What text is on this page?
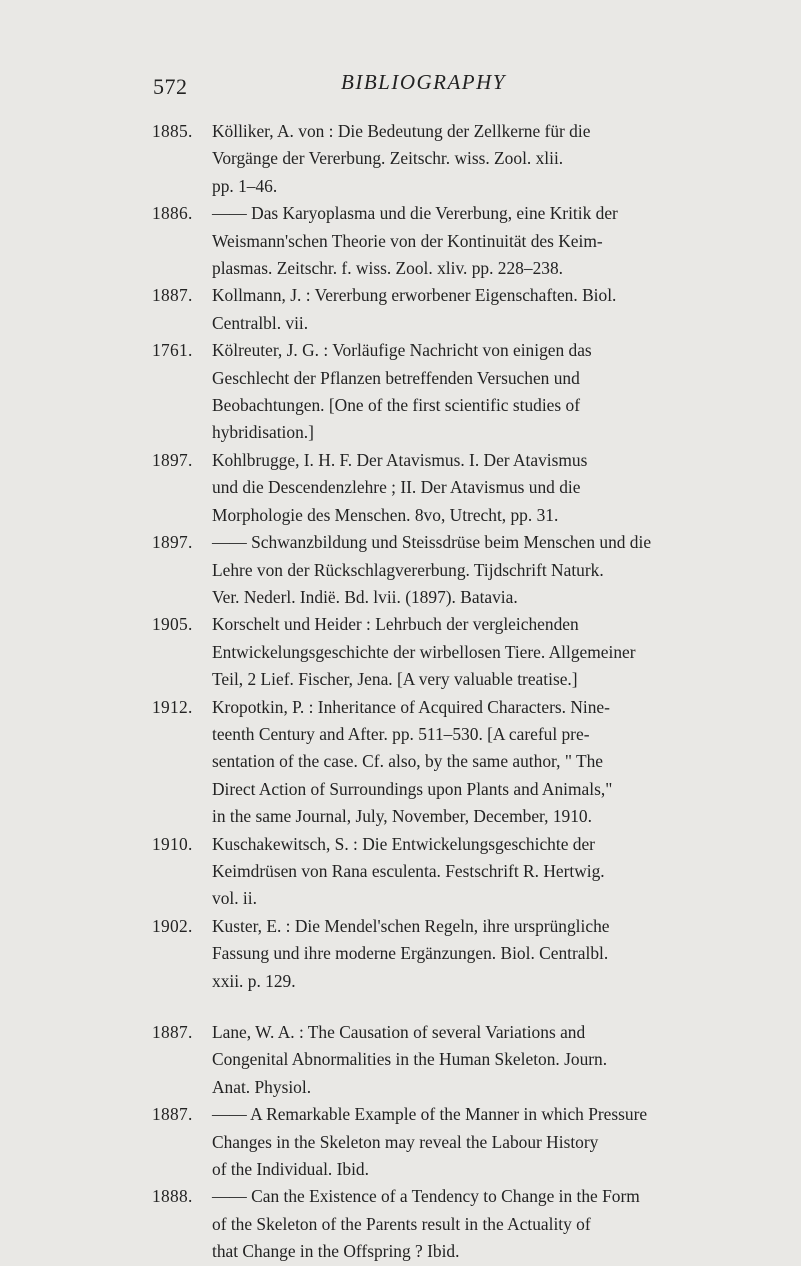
572	BIBLIOGRAPHY
1885.	Kölliker, A. von : Die Bedeutung der Zellkerne für die
Vorgänge der Vererbung. Zeitschr. wiss. Zool. xlii.
pp. 1–46.
1886.	—— Das Karyoplasma und die Vererbung, eine Kritik der
Weismann'schen Theorie von der Kontinuität des Keim-
plasmas. Zeitschr. f. wiss. Zool. xliv. pp. 228–238.
1887.	Kollmann, J. : Vererbung erworbener Eigenschaften. Biol.
Centralbl. vii.
1761.	Kölreuter, J. G. : Vorläufige Nachricht von einigen das
Geschlecht der Pflanzen betreffenden Versuchen und
Beobachtungen. [One of the first scientific studies of
hybridisation.]
1897.	Kohlbrugge, I. H. F. Der Atavismus. I. Der Atavismus
und die Descendenzlehre ; II. Der Atavismus und die
Morphologie des Menschen. 8vo, Utrecht, pp. 31.
1897.	—— Schwanzbildung und Steissdrüse beim Menschen und die
Lehre von der Rückschlagvererbung. Tijdschrift Naturk.
Ver. Nederl. Indië. Bd. lvii. (1897). Batavia.
1905.	Korschelt und Heider : Lehrbuch der vergleichenden
Entwickelungsgeschichte der wirbellosen Tiere. Allgemeiner
Teil, 2 Lief. Fischer, Jena. [A very valuable treatise.]
1912.	Kropotkin, P. : Inheritance of Acquired Characters. Nine-
teenth Century and After. pp. 511–530. [A careful pre-
sentation of the case. Cf. also, by the same author, " The
Direct Action of Surroundings upon Plants and Animals,"
in the same Journal, July, November, December, 1910.
1910.	Kuschakewitsch, S. : Die Entwickelungsgeschichte der
Keimdrüsen von Rana esculenta. Festschrift R. Hertwig.
vol. ii.
1902.	Kuster, E. : Die Mendel'schen Regeln, ihre ursprüngliche
Fassung und ihre moderne Ergänzungen. Biol. Centralbl.
xxii. p. 129.
1887.	Lane, W. A. : The Causation of several Variations and
Congenital Abnormalities in the Human Skeleton. Journ.
Anat. Physiol.
1887.	—— A Remarkable Example of the Manner in which Pressure
Changes in the Skeleton may reveal the Labour History
of the Individual. Ibid.
1888.	—— Can the Existence of a Tendency to Change in the Form
of the Skeleton of the Parents result in the Actuality of
that Change in the Offspring ? Ibid.
